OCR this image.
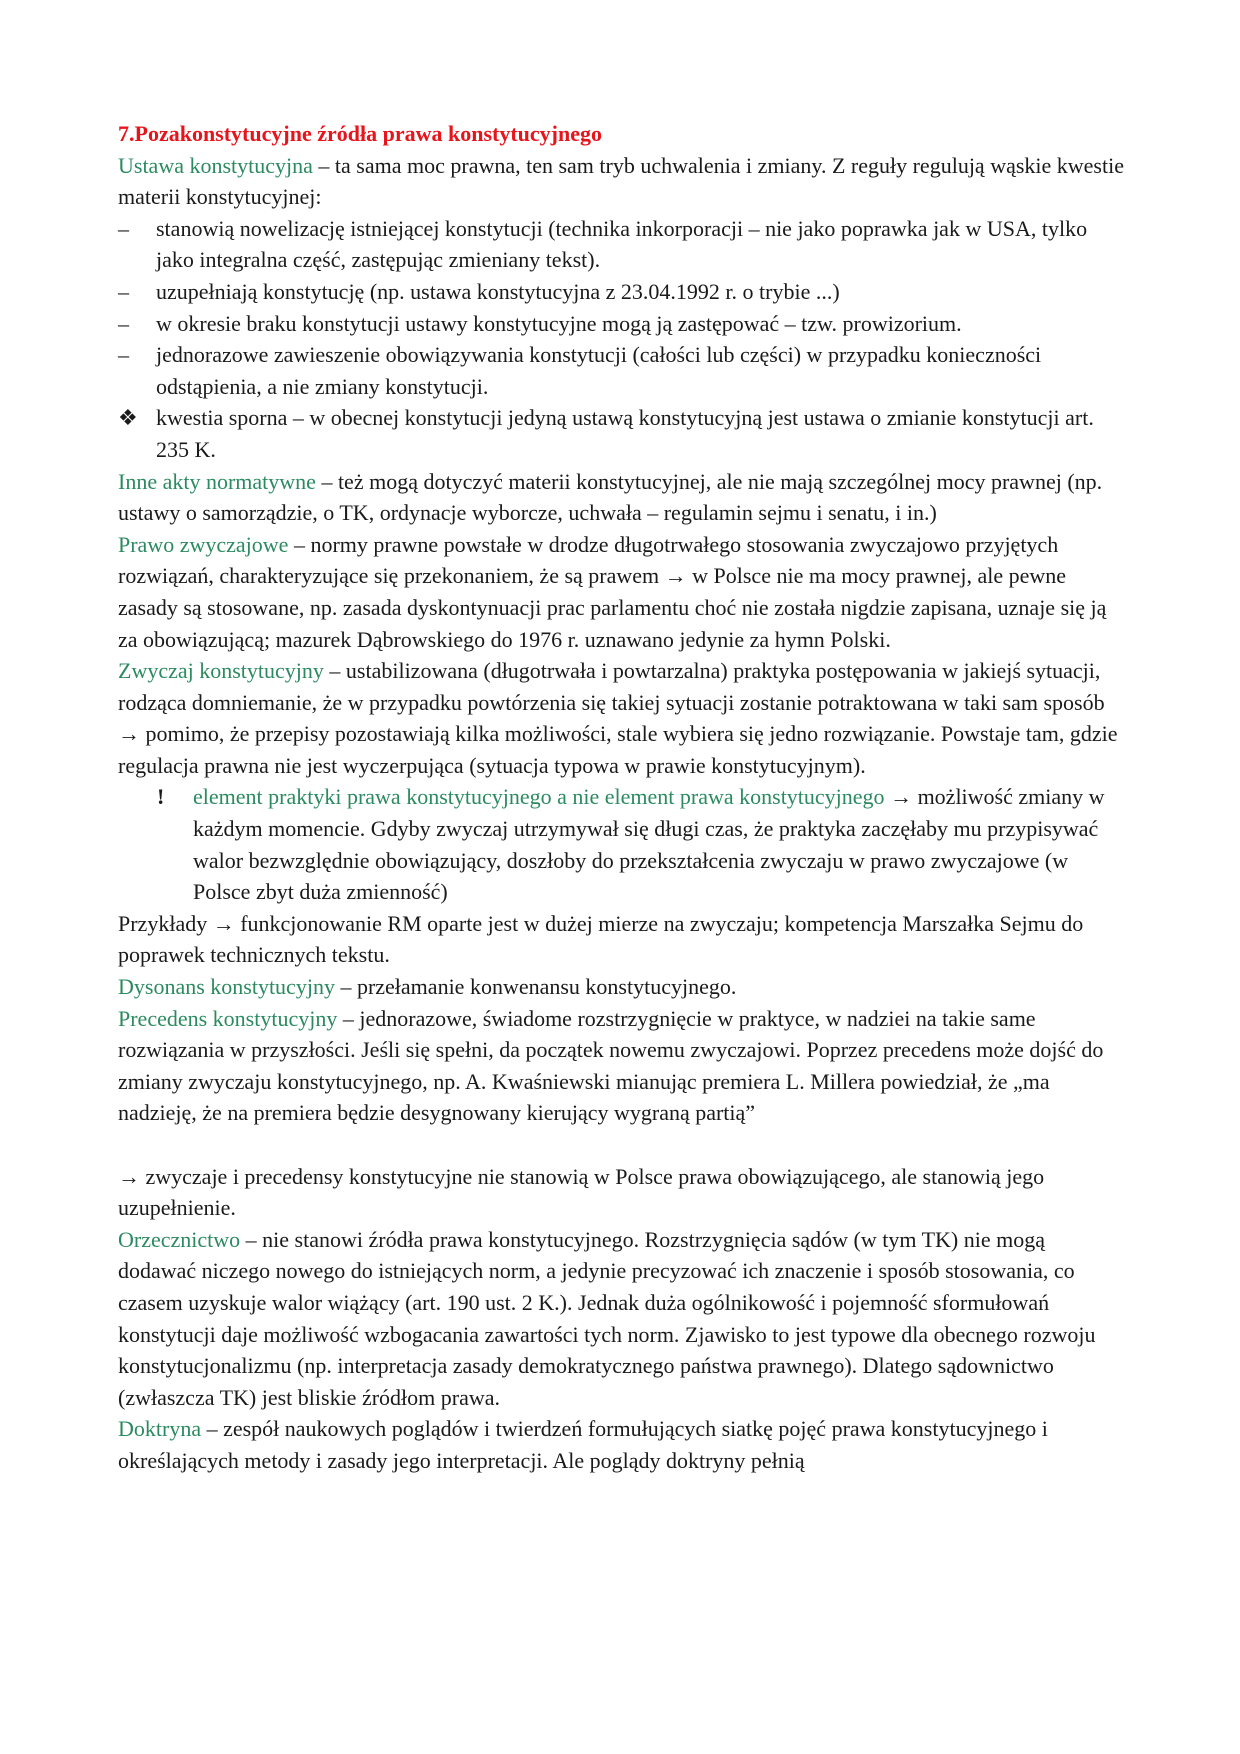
7.Pozakonstytucyjne źródła prawa konstytucyjnego

Ustawa konstytucyjna – ta sama moc prawna, ten sam tryb uchwalenia i zmiany. Z reguły regulują wąskie kwestie materii konstytucyjnej:

–	stanowią nowelizację istniejącej konstytucji (technika inkorporacji – nie jako poprawka jak w USA, tylko jako integralna część, zastępując zmieniany tekst).
–	uzupełniają konstytucję (np. ustawa konstytucyjna z 23.04.1992 r. o trybie ...)
–	w okresie braku konstytucji ustawy konstytucyjne mogą ją zastępować – tzw. prowizorium.
–	jednorazowe zawieszenie obowiązywania konstytucji (całości lub części) w przypadku konieczności odstąpienia, a nie zmiany konstytucji.
❖ kwestia sporna – w obecnej konstytucji jedyną ustawą konstytucyjną jest ustawa o zmianie konstytucji art. 235 K.

Inne akty normatywne – też mogą dotyczyć materii konstytucyjnej, ale nie mają szczególnej mocy prawnej (np. ustawy o samorządzie, o TK, ordynacje wyborcze, uchwała – regulamin sejmu i senatu, i in.)

Prawo zwyczajowe – normy prawne powstałe w drodze długotrwałego stosowania zwyczajowo przyjętych rozwiązań, charakteryzujące się przekonaniem, że są prawem → w Polsce nie ma mocy prawnej, ale pewne zasady są stosowane, np. zasada dyskontynuacji prac parlamentu choć nie została nigdzie zapisana, uznaje się ją za obowiązującą; mazurek Dąbrowskiego do 1976 r. uznawano jedynie za hymn Polski.

Zwyczaj konstytucyjny – ustabilizowana (długotrwała i powtarzalna) praktyka postępowania w jakiejś sytuacji, rodząca domniemanie, że w przypadku powtórzenia się takiej sytuacji zostanie potraktowana w taki sam sposób → pomimo, że przepisy pozostawiają kilka możliwości, stale wybiera się jedno rozwiązanie. Powstaje tam, gdzie regulacja prawna nie jest wyczerpująca (sytuacja typowa w prawie konstytucyjnym).

! element praktyki prawa konstytucyjnego a nie element prawa konstytucyjnego → możliwość zmiany w każdym momencie. Gdyby zwyczaj utrzymywał się długi czas, że praktyka zaczęłaby mu przypisywać walor bezwzględnie obowiązujący, doszłoby do przekształcenia zwyczaju w prawo zwyczajowe (w Polsce zbyt duża zmienność)

Przykłady → funkcjonowanie RM oparte jest w dużej mierze na zwyczaju; kompetencja Marszałka Sejmu do poprawek technicznych tekstu.

Dysonans konstytucyjny – przełamanie konwenansu konstytucyjnego.

Precedens konstytucyjny – jednorazowe, świadome rozstrzygnięcie w praktyce, w nadziei na takie same rozwiązania w przyszłości. Jeśli się spełni, da początek nowemu zwyczajowi. Poprzez precedens może dojść do zmiany zwyczaju konstytucyjnego, np. A. Kwaśniewski mianując premiera L. Millera powiedział, że „ma nadzieję, że na premiera będzie desygnowany kierujący wygraną partią”

→ zwyczaje i precedensy konstytucyjne nie stanowią w Polsce prawa obowiązującego, ale stanowią jego uzupełnienie.

Orzecznictwo – nie stanowi źródła prawa konstytucyjnego. Rozstrzygnięcia sądów (w tym TK) nie mogą dodawać niczego nowego do istniejących norm, a jedynie precyzować ich znaczenie i sposób stosowania, co czasem uzyskuje walor wiążący (art. 190 ust. 2 K.). Jednak duża ogólnikowość i pojemność sformułowań konstytucji daje możliwość wzbogacania zawartości tych norm. Zjawisko to jest typowe dla obecnego rozwoju konstytucjonalizmu (np. interpretacja zasady demokratycznego państwa prawnego). Dlatego sądownictwo (zwłaszcza TK) jest bliskie źródłom prawa.

Doktryna – zespół naukowych poglądów i twierdzeń formułujących siatkę pojęć prawa konstytucyjnego i określających metody i zasady jego interpretacji. Ale poglądy doktryny pełnią
